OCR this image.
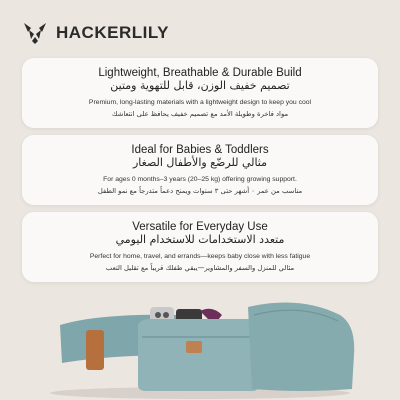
HACKERLILY
Lightweight, Breathable & Durable Build
تصميم خفيف الوزن، قابل للتهوية ومتين
Premium, long-lasting materials with a lightweight design to keep you cool
مواد فاخرة وطويلة الأمد مع تصميم خفيف يحافظ على انتعاشك
Ideal for Babies & Toddlers
مثالي للرضّع والأطفال الصغار
For ages 0 months–3 years (20–25 kg) offering growing support.
مناسب من عمر ٠ أشهر حتى ٣ سنوات ويمنح دعماً متدرجاً مع نمو الطفل
Versatile for Everyday Use
متعدد الاستخدامات للاستخدام اليومي
Perfect for home, travel, and errands—keeps baby close with less fatigue
مثالي للمنزل والسفر والمشاوير—يبقي طفلك قريباً مع تقليل التعب
